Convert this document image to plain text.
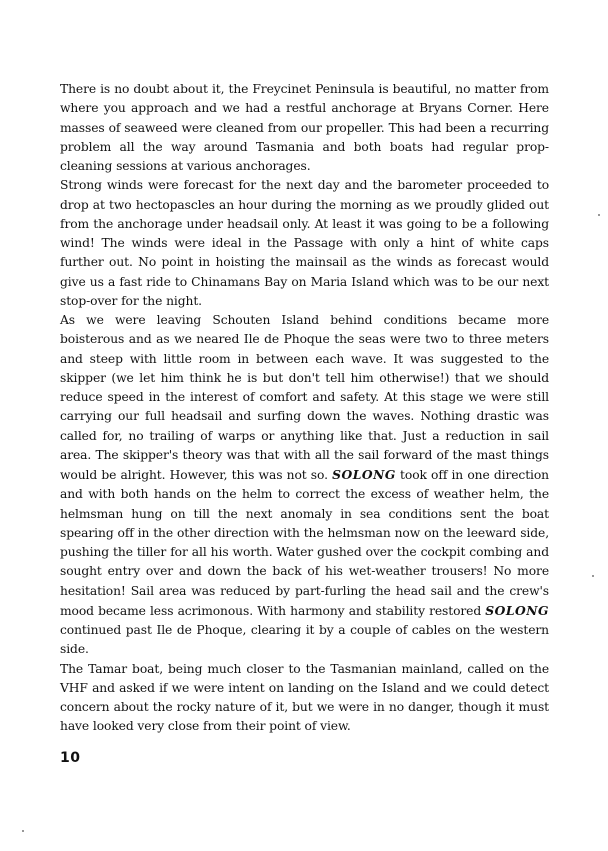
There is no doubt about it, the Freycinet Peninsula is beautiful, no matter from where you approach and we had a restful anchorage at Bryans Corner. Here masses of seaweed were cleaned from our propeller. This had been a recurring problem all the way around Tasmania and both boats had regular prop-cleaning sessions at various anchorages.

Strong winds were forecast for the next day and the barometer proceeded to drop at two hectopascles an hour during the morning as we proudly glided out from the anchorage under headsail only. At least it was going to be a following wind! The winds were ideal in the Passage with only a hint of white caps further out. No point in hoisting the mainsail as the winds as forecast would give us a fast ride to Chinamans Bay on Maria Island which was to be our next stop-over for the night.

As we were leaving Schouten Island behind conditions became more boisterous and as we neared Ile de Phoque the seas were two to three meters and steep with little room in between each wave. It was suggested to the skipper (we let him think he is but don't tell him otherwise!) that we should reduce speed in the interest of comfort and safety. At this stage we were still carrying our full headsail and surfing down the waves. Nothing drastic was called for, no trailing of warps or anything like that. Just a reduction in sail area. The skipper's theory was that with all the sail forward of the mast things would be alright. However, this was not so. SOLONG took off in one direction and with both hands on the helm to correct the excess of weather helm, the helmsman hung on till the next anomaly in sea conditions sent the boat spearing off in the other direction with the helmsman now on the leeward side, pushing the tiller for all his worth. Water gushed over the cockpit combing and sought entry over and down the back of his wet-weather trousers! No more hesitation! Sail area was reduced by part-furling the head sail and the crew's mood became less acrimonous. With harmony and stability restored SOLONG continued past Ile de Phoque, clearing it by a couple of cables on the western side.

The Tamar boat, being much closer to the Tasmanian mainland, called on the VHF and asked if we were intent on landing on the Island and we could detect concern about the rocky nature of it, but we were in no danger, though it must have looked very close from their point of view.

10
